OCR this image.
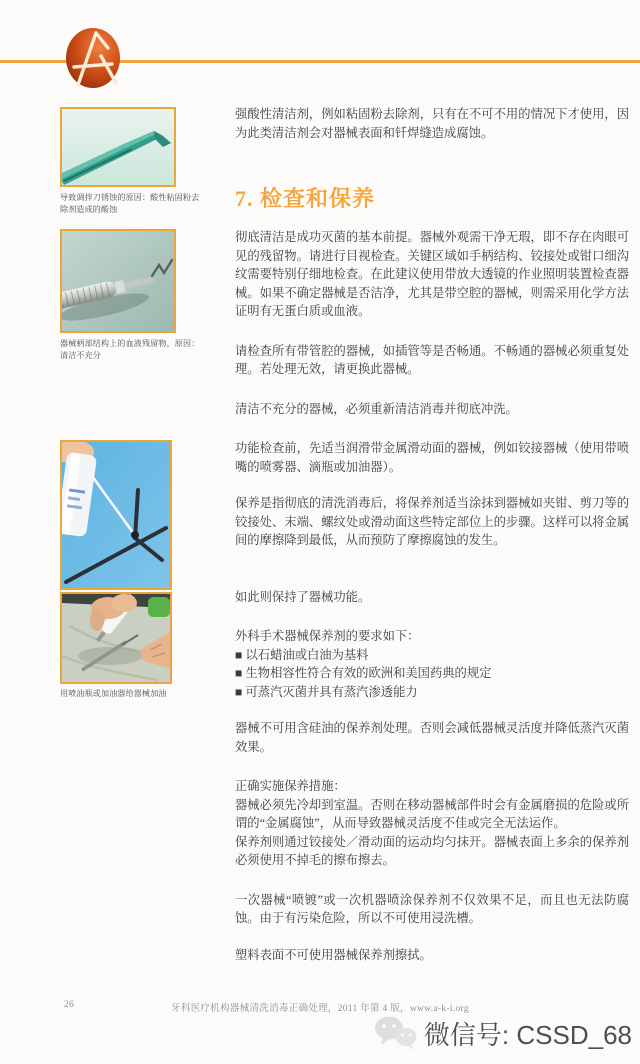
导致调拌刀锈蚀的原因：酸性粘固粉去除剂造成的酸蚀
器械柄部结构上的血液残留物，原因：清洁不充分
用喷油瓶或加油器给器械加油

强酸性清洁剂，例如粘固粉去除剂，只有在不可不用的情况下才使用，因为此类清洁剂会对器械表面和钎焊缝造成腐蚀。

7. 检查和保养

彻底清洁是成功灭菌的基本前提。器械外观需干净无瑕，即不存在肉眼可见的残留物。请进行目视检查。关键区域如手柄结构、铰接处或钳口细沟纹需要特别仔细地检查。在此建议使用带放大透镜的作业照明装置检查器械。如果不确定器械是否洁净，尤其是带空腔的器械，则需采用化学方法证明有无蛋白质或血液。

请检查所有带管腔的器械，如插管等是否畅通。不畅通的器械必须重复处理。若处理无效，请更换此器械。

清洁不充分的器械，必须重新清洁消毒并彻底冲洗。

功能检查前，先适当润滑带金属滑动面的器械，例如铰接器械（使用带喷嘴的喷雾器、滴瓶或加油器）。

保养是指彻底的清洗消毒后，将保养剂适当涂抹到器械如夹钳、剪刀等的铰接处、末端、螺纹处或滑动面这些特定部位上的步骤。这样可以将金属间的摩擦降到最低，从而预防了摩擦腐蚀的发生。

如此则保持了器械功能。

外科手术器械保养剂的要求如下：

■ 以石蜡油或白油为基料
■ 生物相容性符合有效的欧洲和美国药典的规定
■ 可蒸汽灭菌并具有蒸汽渗透能力

器械不可用含硅油的保养剂处理。否则会减低器械灵活度并降低蒸汽灭菌效果。

正确实施保养措施：

器械必须先冷却到室温。否则在移动器械部件时会有金属磨损的危险或所谓的“金属腐蚀”，从而导致器械灵活度不佳或完全无法运作。

保养剂则通过铰接处／滑动面的运动均匀抹开。器械表面上多余的保养剂必须使用不掉毛的擦布擦去。

一次器械“喷镀”或一次机器喷涂保养剂不仅效果不足，而且也无法防腐蚀。由于有污染危险，所以不可使用浸洗槽。

塑料表面不可使用器械保养剂擦拭。

26	牙科医疗机构器械清洗消毒正确处理，2011 年第 4 版，www.a-k-i.org
微信号: CSSD_68
